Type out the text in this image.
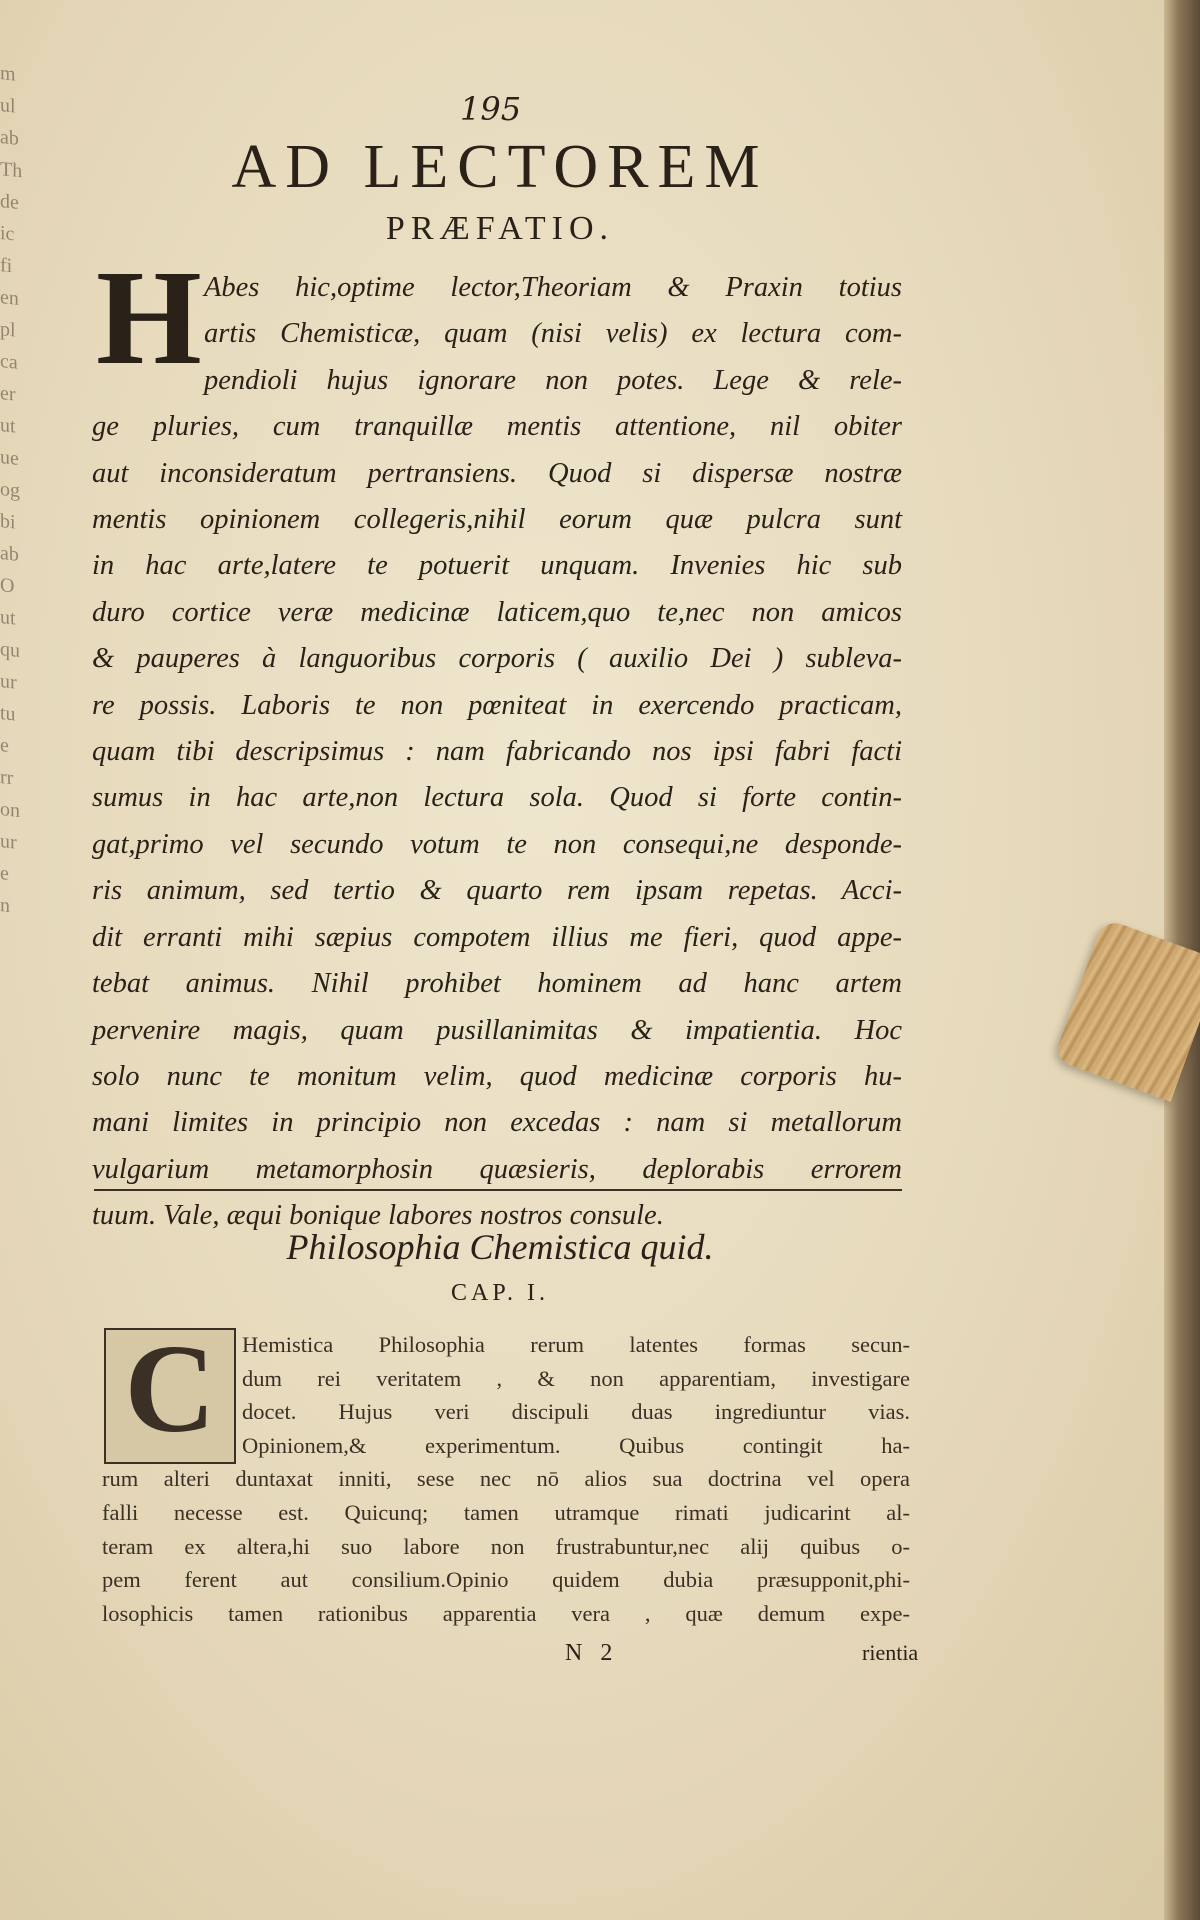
m
ul
ab
Th
de
ic
fi
en
pl
ca
er
ut
ue
og
bi
ab
O
ut
qu
ur
tu
e
rr
on
ur
e
n

195
AD LECTOREM
PRÆFATIO.
H Abes hic,optime lector,Theoriam & Praxin totius
artis Chemisticæ, quam (nisi velis) ex lectura com-
pendioli hujus ignorare non potes. Lege & rele-
ge pluries, cum tranquillæ mentis attentione, nil obiter
aut inconsideratum pertransiens. Quod si dispersæ nostræ
mentis opinionem collegeris,nihil eorum quæ pulcra sunt
in hac arte,latere te potuerit unquam. Invenies hic sub
duro cortice veræ medicinæ laticem,quo te,nec non amicos
& pauperes à languoribus corporis ( auxilio Dei ) subleva-
re possis. Laboris te non pœniteat in exercendo practicam,
quam tibi descripsimus : nam fabricando nos ipsi fabri facti
sumus in hac arte,non lectura sola. Quod si forte contin-
gat,primo vel secundo votum te non consequi,ne desponde-
ris animum, sed tertio & quarto rem ipsam repetas. Acci-
dit erranti mihi sæpius compotem illius me fieri, quod appe-
tebat animus. Nihil prohibet hominem ad hanc artem
pervenire magis, quam pusillanimitas & impatientia. Hoc
solo nunc te monitum velim, quod medicinæ corporis hu-
mani limites in principio non excedas : nam si metallorum
vulgarium metamorphosin quæsieris, deplorabis errorem
tuum. Vale, æqui bonique labores nostros consule.
Philosophia Chemistica quid.
CAP. I.
C	Hemistica Philosophia rerum latentes formas secun-
dum rei veritatem , & non apparentiam, investigare
docet. Hujus veri discipuli duas ingrediuntur vias.
Opinionem,& experimentum. Quibus contingit ha-
rum alteri duntaxat inniti, sese nec nō alios sua doctrina vel opera
falli necesse est. Quicunq; tamen utramque rimati judicarint al-
teram ex altera,hi suo labore non frustrabuntur,nec alij quibus o-
pem ferent aut consilium.Opinio quidem dubia præsupponit,phi-
losophicis tamen rationibus apparentia vera , quæ demum expe-
N 2	rientia
